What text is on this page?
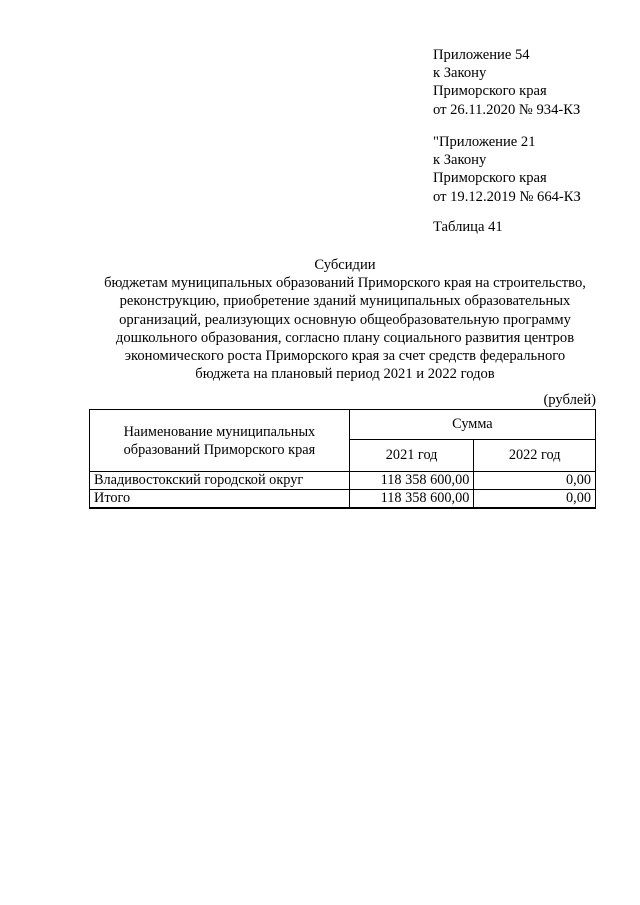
Приложение 54
к Закону
Приморского края
от 26.11.2020 № 934-КЗ
"Приложение 21
к Закону
Приморского края
от 19.12.2019 № 664-КЗ
Таблица 41
Субсидии
бюджетам муниципальных образований Приморского края на строительство,
реконструкцию, приобретение зданий муниципальных образовательных
организаций, реализующих основную общеобразовательную программу
дошкольного образования, согласно плану социального развития центров
экономического роста Приморского края за счет средств федерального
бюджета на плановый период 2021 и 2022 годов
(рублей)
Наименование муниципальных образований Приморского края	Сумма	
	2021 год	2022 год
Владивостокский городской округ	118 358 600,00	0,00
Итого	118 358 600,00	0,00
